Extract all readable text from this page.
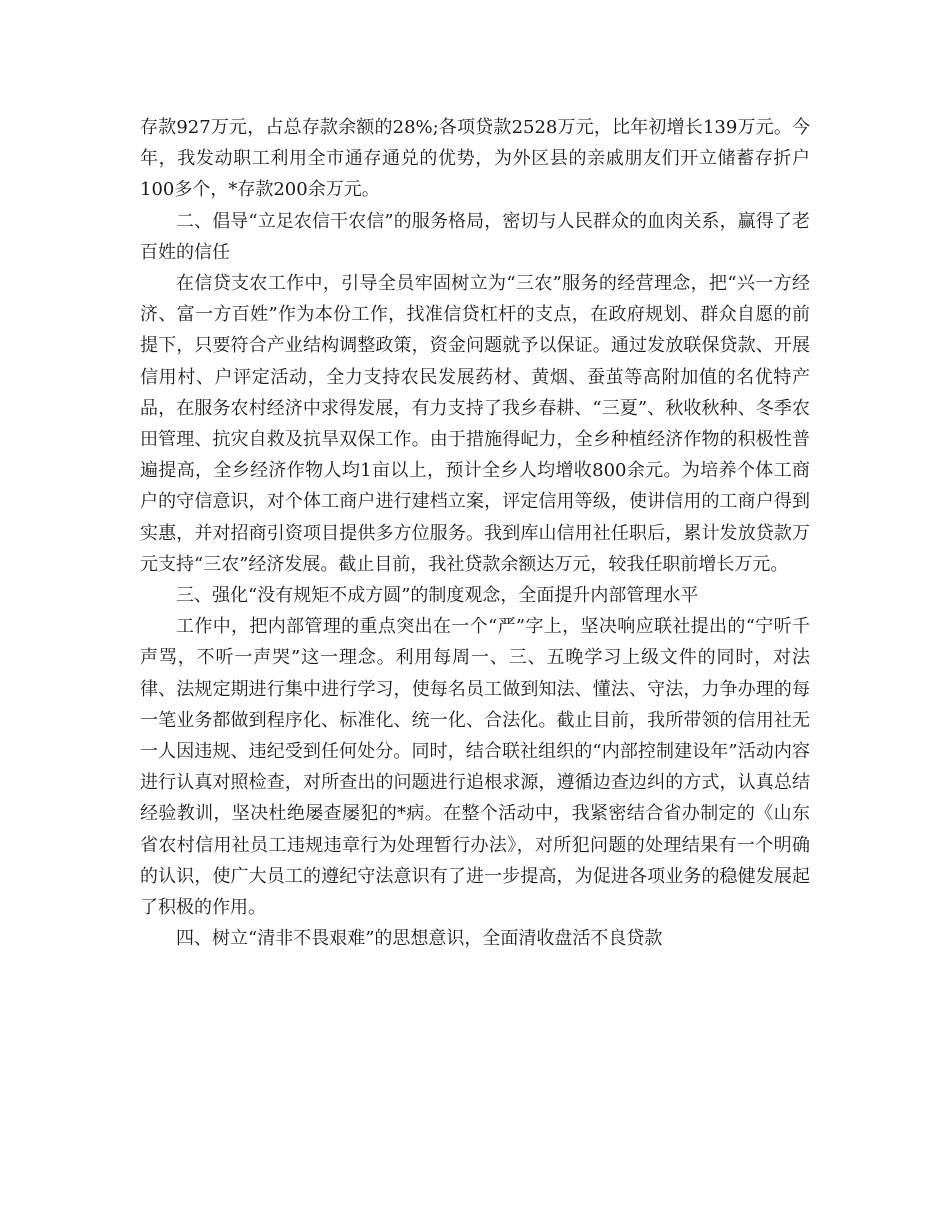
存款927万元，占总存款余额的28%;各项贷款2528万元，比年初增长139万元。今年，我发动职工利用全市通存通兑的优势，为外区县的亲戚朋友们开立储蓄存折户100多个，*存款200余万元。

二、倡导“立足农信干农信”的服务格局，密切与人民群众的血肉关系，赢得了老百姓的信任

在信贷支农工作中，引导全员牢固树立为“三农”服务的经营理念，把“兴一方经济、富一方百姓”作为本份工作，找准信贷杠杆的支点，在政府规划、群众自愿的前提下，只要符合产业结构调整政策，资金问题就予以保证。通过发放联保贷款、开展信用村、户评定活动，全力支持农民发展药材、黄烟、蚕茧等高附加值的名优特产品，在服务农村经济中求得发展，有力支持了我乡春耕、“三夏”、秋收秋种、冬季农田管理、抗灾自救及抗旱双保工作。由于措施得屺力，全乡种植经济作物的积极性普遍提高，全乡经济作物人均1亩以上，预计全乡人均增收800余元。为培养个体工商户的守信意识，对个体工商户进行建档立案，评定信用等级，使讲信用的工商户得到实惠，并对招商引资项目提供多方位服务。我到库山信用社任职后，累计发放贷款万元支持“三农”经济发展。截止目前，我社贷款余额达万元，较我任职前增长万元。

三、强化“没有规矩不成方圆”的制度观念，全面提升内部管理水平

工作中，把内部管理的重点突出在一个“严”字上，坚决响应联社提出的“宁听千声骂，不听一声哭”这一理念。利用每周一、三、五晚学习上级文件的同时，对法律、法规定期进行集中进行学习，使每名员工做到知法、懂法、守法，力争办理的每一笔业务都做到程序化、标准化、统一化、合法化。截止目前，我所带领的信用社无一人因违规、违纪受到任何处分。同时，结合联社组织的“内部控制建设年”活动内容进行认真对照检查，对所查出的问题进行追根求源，遵循边查边纠的方式，认真总结经验教训，坚决杜绝屡查屡犯的*病。在整个活动中，我紧密结合省办制定的《山东省农村信用社员工违规违章行为处理暂行办法》，对所犯问题的处理结果有一个明确的认识，使广大员工的遵纪守法意识有了进一步提高，为促进各项业务的稳健发展起了积极的作用。

四、树立“清非不畏艰难”的思想意识，全面清收盘活不良贷款
